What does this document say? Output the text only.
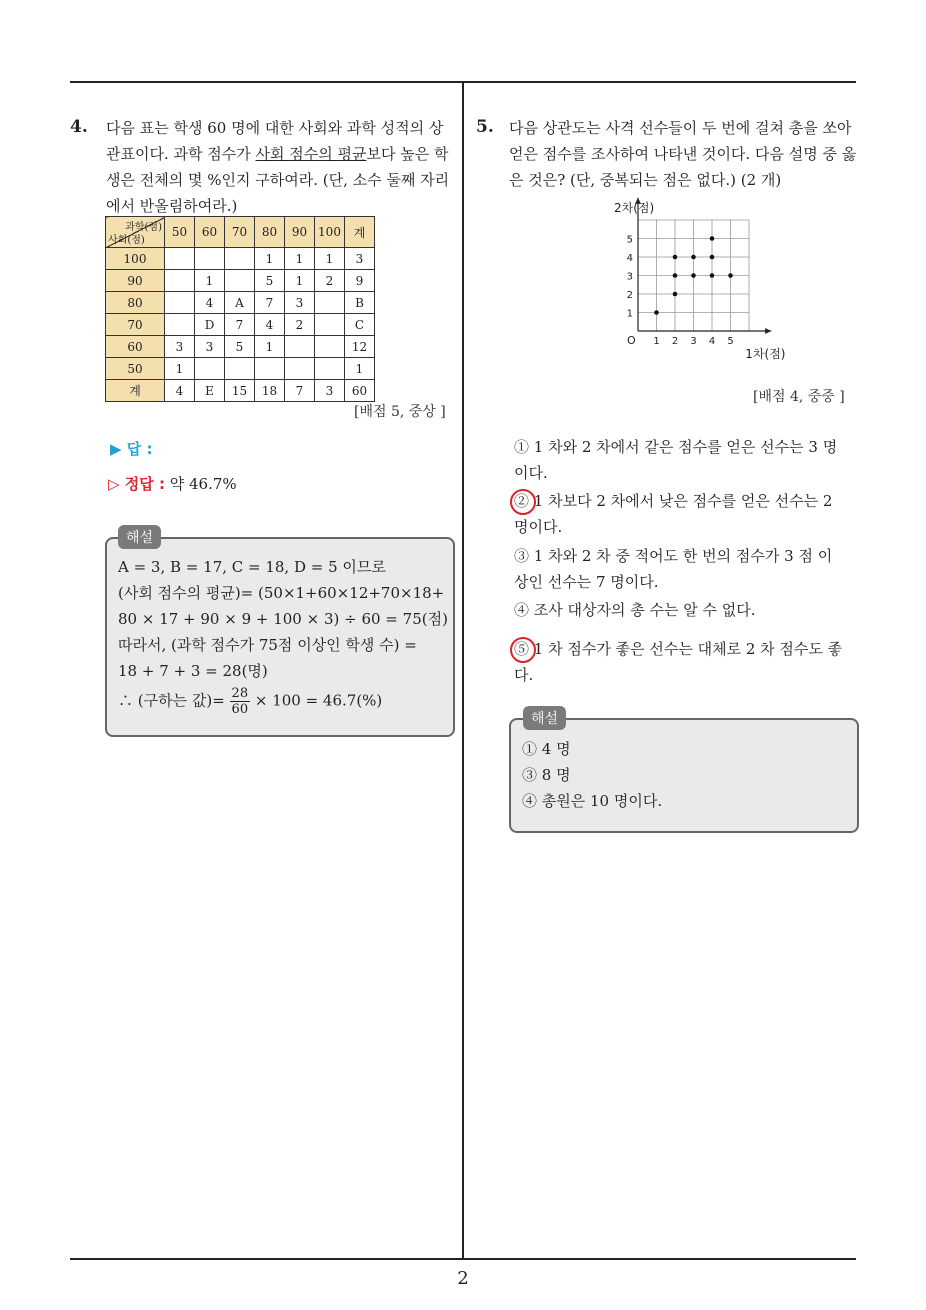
2
4. 다음 표는 학생 60 명에 대한 사회와 과학 성적의 상관표이다. 과학 점수가 사회 점수의 평균보다 높은 학생은 전체의 몇 %인지 구하여라. (단, 소수 둘째 자리에서 반올림하여라.)
과학(점)
사회(점)	50	60	70	80	90	100	계
100				1	1	1	3
90		1		5	1	2	9
80		4	A	7	3		B
70		D	7	4	2		C
60	3	3	5	1			12
50	1						1
계	4	E	15	18	7	3	60
[배점 5, 중상 ]
▶ 답 :
▷ 정답 : 약 46.7%
해설
A = 3, B = 17, C = 18, D = 5 이므로
(사회 점수의 평균)= (50×1+60×12+70×18+
80 × 17 + 90 × 9 + 100 × 3) ÷ 60 = 75(점)
따라서, (과학 점수가 75점 이상인 학생 수) =
18 + 7 + 3 = 28(명)
∴ (구하는 값)= $\frac{28}{60} \times 100 = 46.7(\%)$
5. 다음 상관도는 사격 선수들이 두 번에 걸쳐 총을 쏘아 얻은 점수를 조사하여 나타낸 것이다. 다음 설명 중 옳은 것은? (단, 중복되는 점은 없다.) (2 개)
1 2 3 4 5
1
2
3
4
5
2차(점)
1차(점)
O
[배점 4, 중중 ]
① 1 차와 2 차에서 같은 점수를 얻은 선수는 3 명이다.
② 1 차보다 2 차에서 낮은 점수를 얻은 선수는 2 명이다.
③ 1 차와 2 차 중 적어도 한 번의 점수가 3 점 이상인 선수는 7 명이다.
④ 조사 대상자의 총 수는 알 수 없다.
⑤ 1 차 점수가 좋은 선수는 대체로 2 차 점수도 좋다.
해설
① 4 명
③ 8 명
④ 총원은 10 명이다.
